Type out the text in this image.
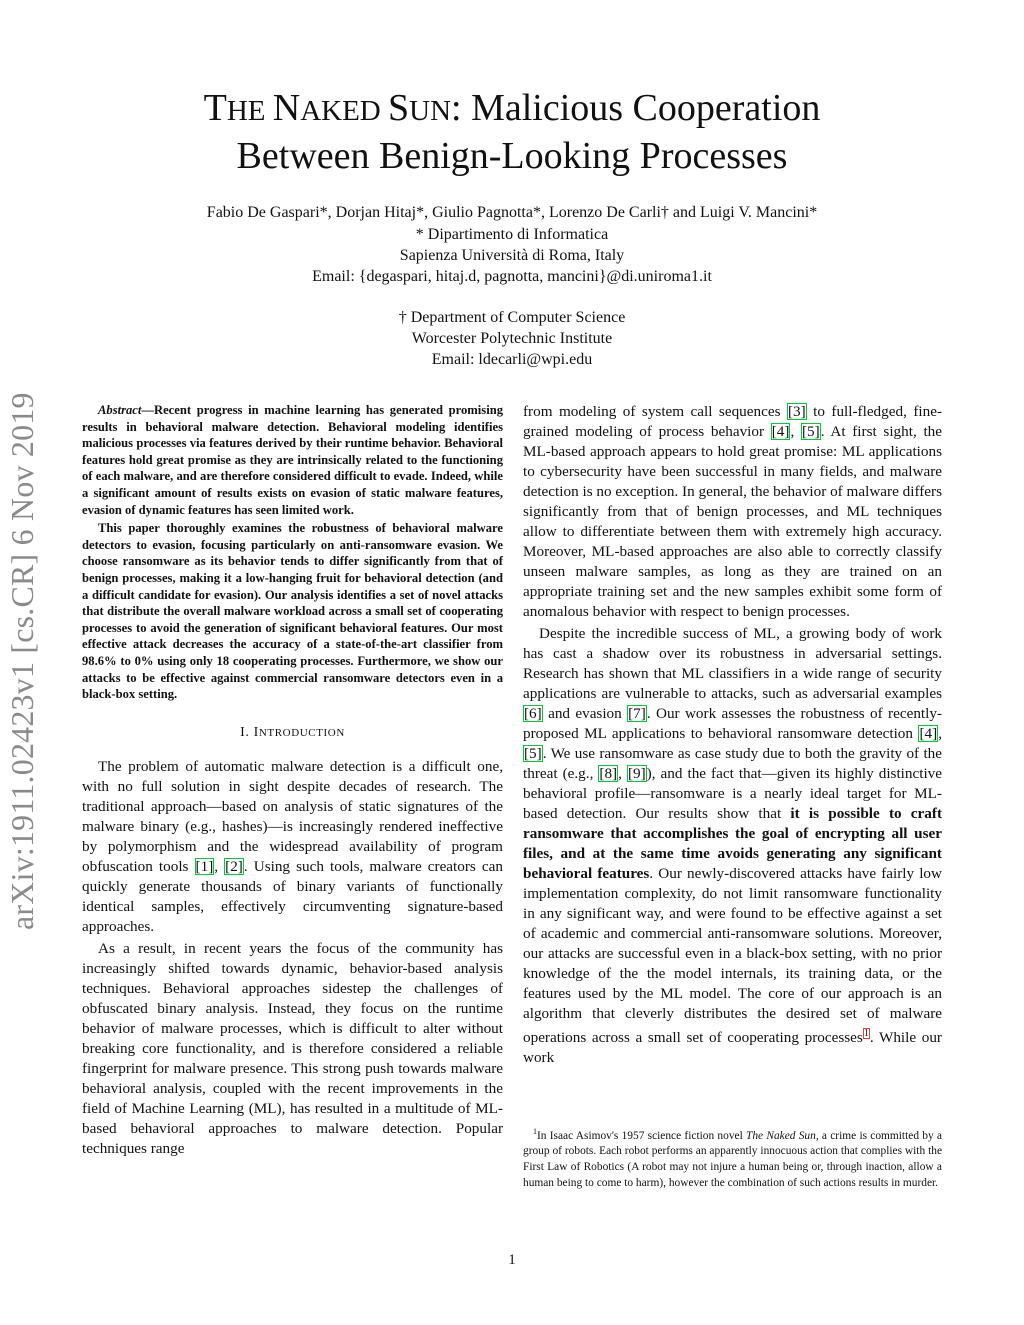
arXiv:1911.02423v1 [cs.CR] 6 Nov 2019
THE NAKED SUN: Malicious Cooperation
Between Benign-Looking Processes
Fabio De Gaspari*, Dorjan Hitaj*, Giulio Pagnotta*, Lorenzo De Carli† and Luigi V. Mancini*
* Dipartimento di Informatica
Sapienza Università di Roma, Italy
Email: {degaspari, hitaj.d, pagnotta, mancini}@di.uniroma1.it
† Department of Computer Science
Worcester Polytechnic Institute
Email: ldecarli@wpi.edu

Abstract—Recent progress in machine learning has generated promising results in behavioral malware detection. Behavioral modeling identifies malicious processes via features derived by their runtime behavior. Behavioral features hold great promise as they are intrinsically related to the functioning of each malware, and are therefore considered difficult to evade. Indeed, while a significant amount of results exists on evasion of static malware features, evasion of dynamic features has seen limited work.

This paper thoroughly examines the robustness of behavioral malware detectors to evasion, focusing particularly on anti-ransomware evasion. We choose ransomware as its behavior tends to differ significantly from that of benign processes, making it a low-hanging fruit for behavioral detection (and a difficult candidate for evasion). Our analysis identifies a set of novel attacks that distribute the overall malware workload across a small set of cooperating processes to avoid the generation of significant behavioral features. Our most effective attack decreases the accuracy of a state-of-the-art classifier from 98.6% to 0% using only 18 cooperating processes. Furthermore, we show our attacks to be effective against commercial ransomware detectors even in a black-box setting.

I. INTRODUCTION

The problem of automatic malware detection is a difficult one, with no full solution in sight despite decades of research. The traditional approach—based on analysis of static signatures of the malware binary (e.g., hashes)—is increasingly rendered ineffective by polymorphism and the widespread availability of program obfuscation tools [1], [2]. Using such tools, malware creators can quickly generate thousands of binary variants of functionally identical samples, effectively circumventing signature-based approaches.

As a result, in recent years the focus of the community has increasingly shifted towards dynamic, behavior-based analysis techniques. Behavioral approaches sidestep the challenges of obfuscated binary analysis. Instead, they focus on the runtime behavior of malware processes, which is difficult to alter without breaking core functionality, and is therefore considered a reliable fingerprint for malware presence. This strong push towards malware behavioral analysis, coupled with the recent improvements in the field of Machine Learning (ML), has resulted in a multitude of ML-based behavioral approaches to malware detection. Popular techniques range

from modeling of system call sequences [3] to full-fledged, fine-grained modeling of process behavior [4], [5]. At first sight, the ML-based approach appears to hold great promise: ML applications to cybersecurity have been successful in many fields, and malware detection is no exception. In general, the behavior of malware differs significantly from that of benign processes, and ML techniques allow to differentiate between them with extremely high accuracy. Moreover, ML-based approaches are also able to correctly classify unseen malware samples, as long as they are trained on an appropriate training set and the new samples exhibit some form of anomalous behavior with respect to benign processes.

Despite the incredible success of ML, a growing body of work has cast a shadow over its robustness in adversarial settings. Research has shown that ML classifiers in a wide range of security applications are vulnerable to attacks, such as adversarial examples [6] and evasion [7]. Our work assesses the robustness of recently-proposed ML applications to behavioral ransomware detection [4], [5]. We use ransomware as case study due to both the gravity of the threat (e.g., [8], [9]), and the fact that—given its highly distinctive behavioral profile—ransomware is a nearly ideal target for ML-based detection. Our results show that it is possible to craft ransomware that accomplishes the goal of encrypting all user files, and at the same time avoids generating any significant behavioral features. Our newly-discovered attacks have fairly low implementation complexity, do not limit ransomware functionality in any significant way, and were found to be effective against a set of academic and commercial anti-ransomware solutions. Moreover, our attacks are successful even in a black-box setting, with no prior knowledge of the the model internals, its training data, or the features used by the ML model. The core of our approach is an algorithm that cleverly distributes the desired set of malware operations across a small set of cooperating processes$^1$. While our work

$^1$In Isaac Asimov's 1957 science fiction novel The Naked Sun, a crime is committed by a group of robots. Each robot performs an apparently innocuous action that complies with the First Law of Robotics (A robot may not injure a human being or, through inaction, allow a human being to come to harm), however the combination of such actions results in murder.
1
